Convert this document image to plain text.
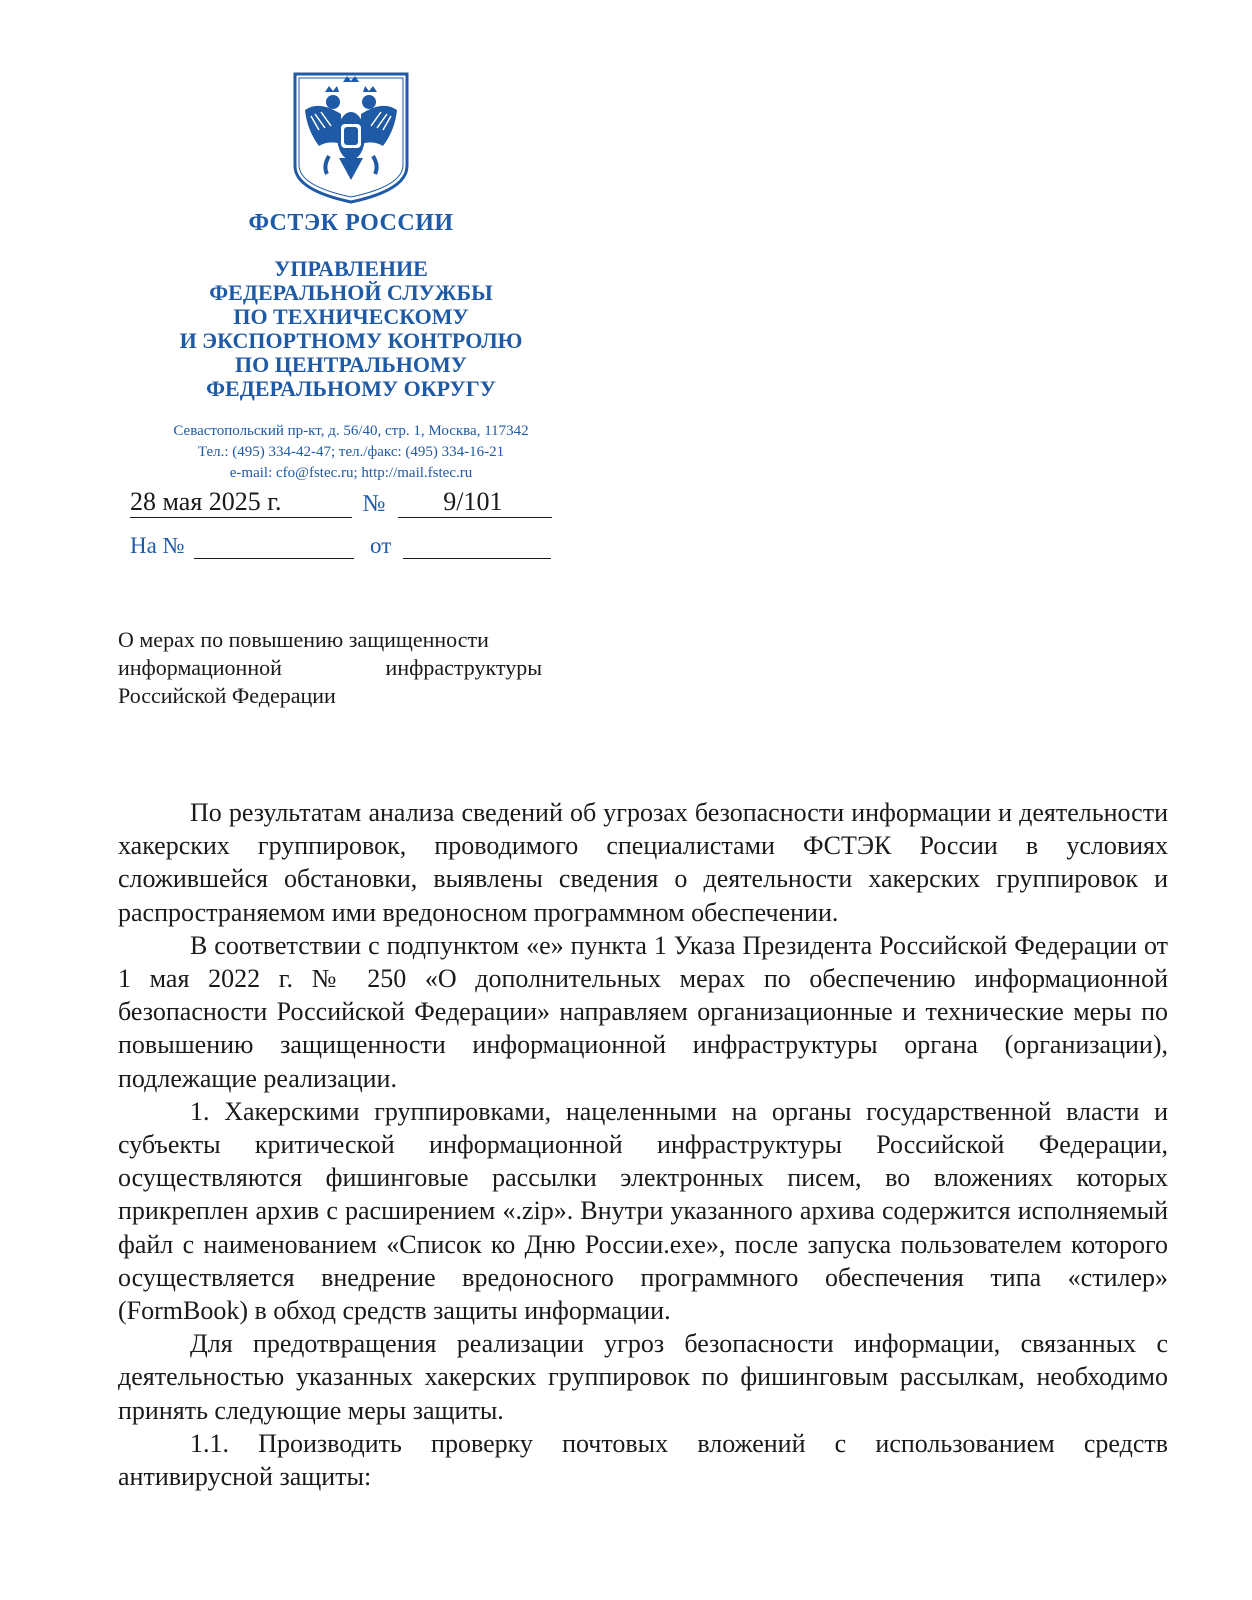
ФСТЭК РОССИИ
УПРАВЛЕНИЕ
ФЕДЕРАЛЬНОЙ СЛУЖБЫ
ПО ТЕХНИЧЕСКОМУ
И ЭКСПОРТНОМУ КОНТРОЛЮ
ПО ЦЕНТРАЛЬНОМУ
ФЕДЕРАЛЬНОМУ ОКРУГУ
Севастопольский пр-кт, д. 56/40, стр. 1, Москва, 117342
Тел.: (495) 334-42-47; тел./факс: (495) 334-16-21
e-mail: cfo@fstec.ru; http://mail.fstec.ru
28 мая 2025 г.	№ 9/101
На №	от
О мерах по повышению защищенности
информационной инфраструктуры
Российской Федерации

По результатам анализа сведений об угрозах безопасности информации и деятельности хакерских группировок, проводимого специалистами ФСТЭК России в условиях сложившейся обстановки, выявлены сведения о деятельности хакерских группировок и распространяемом ими вредоносном программном обеспечении.

В соответствии с подпунктом «е» пункта 1 Указа Президента Российской Федерации от 1 мая 2022 г. № 250 «О дополнительных мерах по обеспечению информационной безопасности Российской Федерации» направляем организационные и технические меры по повышению защищенности информационной инфраструктуры органа (организации), подлежащие реализации.

1. Хакерскими группировками, нацеленными на органы государственной власти и субъекты критической информационной инфраструктуры Российской Федерации, осуществляются фишинговые рассылки электронных писем, во вложениях которых прикреплен архив с расширением «.zip». Внутри указанного архива содержится исполняемый файл с наименованием «Список ко Дню России.exe», после запуска пользователем которого осуществляется внедрение вредоносного программного обеспечения типа «стилер» (FormBook) в обход средств защиты информации.

Для предотвращения реализации угроз безопасности информации, связанных с деятельностью указанных хакерских группировок по фишинговым рассылкам, необходимо принять следующие меры защиты.

1.1. Производить проверку почтовых вложений с использованием средств антивирусной защиты:
